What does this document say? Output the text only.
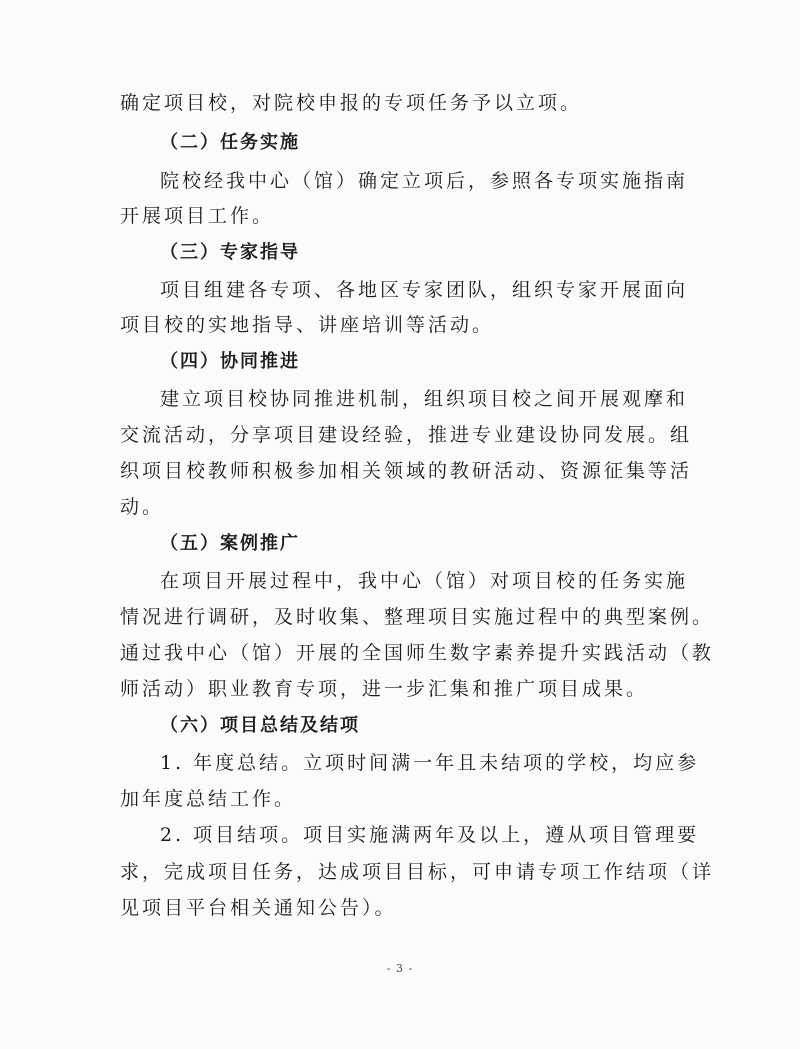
确定项目校，对院校申报的专项任务予以立项。
（二）任务实施
院校经我中心（馆）确定立项后，参照各专项实施指南
开展项目工作。
（三）专家指导
项目组建各专项、各地区专家团队，组织专家开展面向
项目校的实地指导、讲座培训等活动。
（四）协同推进
建立项目校协同推进机制，组织项目校之间开展观摩和
交流活动，分享项目建设经验，推进专业建设协同发展。组
织项目校教师积极参加相关领域的教研活动、资源征集等活
动。
（五）案例推广
在项目开展过程中，我中心（馆）对项目校的任务实施
情况进行调研，及时收集、整理项目实施过程中的典型案例。
通过我中心（馆）开展的全国师生数字素养提升实践活动（教
师活动）职业教育专项，进一步汇集和推广项目成果。
（六）项目总结及结项
1. 年度总结。立项时间满一年且未结项的学校，均应参
加年度总结工作。
2. 项目结项。项目实施满两年及以上，遵从项目管理要
求，完成项目任务，达成项目目标，可申请专项工作结项（详
见项目平台相关通知公告）。
- 3 -
